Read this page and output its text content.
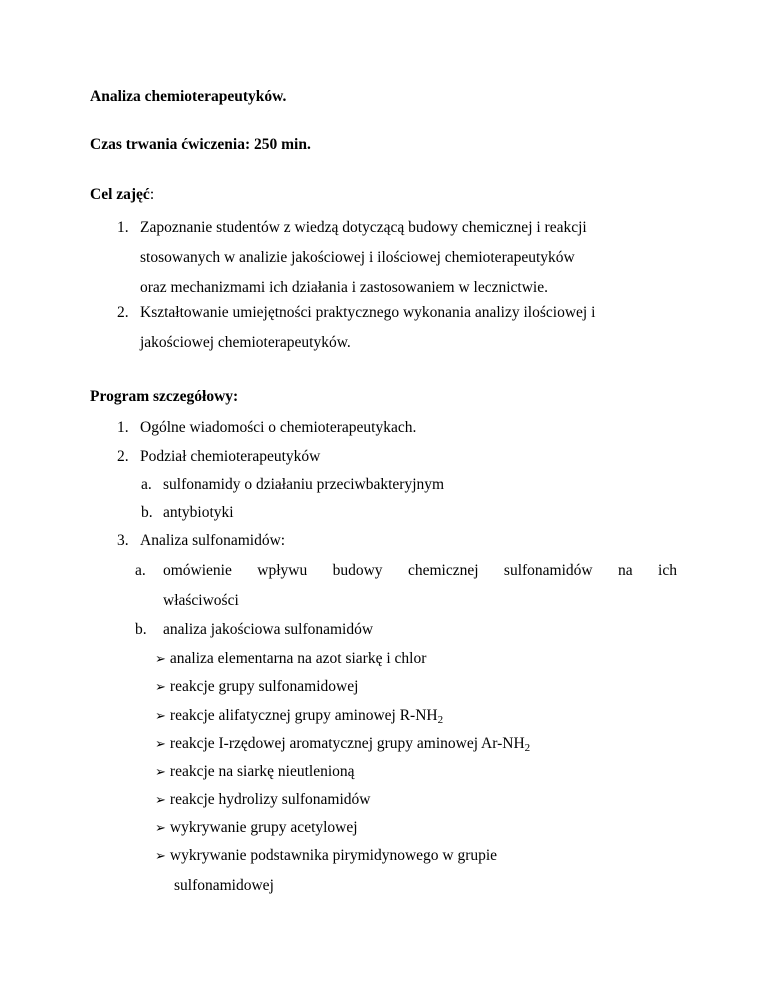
Analiza chemioterapeutyków.
Czas trwania ćwiczenia: 250 min.
Cel zajęć:
1. Zapoznanie studentów z wiedzą dotyczącą budowy chemicznej i reakcji
stosowanych w analizie jakościowej i ilościowej chemioterapeutyków
oraz mechanizmami ich działania i zastosowaniem w lecznictwie.
2. Kształtowanie umiejętności praktycznego wykonania analizy ilościowej i
jakościowej chemioterapeutyków.
Program szczegółowy:
1. Ogólne wiadomości o chemioterapeutykach.
2. Podział chemioterapeutyków
a. sulfonamidy o działaniu przeciwbakteryjnym
b. antybiotyki
3. Analiza sulfonamidów:
a. omówienie wpływu budowy chemicznej sulfonamidów na ich
właściwości
b. analiza jakościowa sulfonamidów
➢ analiza elementarna na azot siarkę i chlor
➢ reakcje grupy sulfonamidowej
➢ reakcje alifatycznej grupy aminowej $R-NH_2$
➢ reakcje I-rzędowej aromatycznej grupy aminowej $Ar-NH_2$
➢ reakcje na siarkę nieutlenioną
➢ reakcje hydrolizy sulfonamidów
➢ wykrywanie grupy acetylowej
➢ wykrywanie podstawnika pirymidynowego w grupie
sulfonamidowej
